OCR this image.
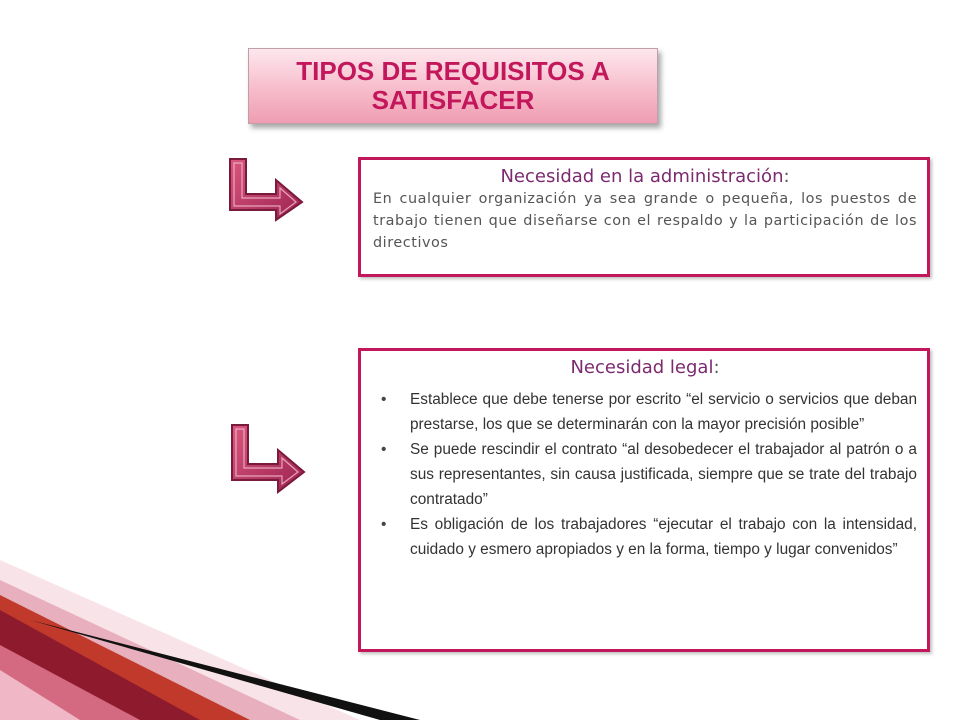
TIPOS DE REQUISITOS A SATISFACER
Necesidad en la administración:
En cualquier organización ya sea grande o pequeña, los puestos de trabajo tienen que diseñarse con el respaldo y la participación de los directivos
Necesidad legal:
• Establece que debe tenerse por escrito “el servicio o servicios que deban prestarse, los que se determinarán con la mayor precisión posible”
• Se puede rescindir el contrato “al desobedecer el trabajador al patrón o a sus representantes, sin causa justificada, siempre que se trate del trabajo contratado”
• Es obligación de los trabajadores “ejecutar el trabajo con la intensidad, cuidado y esmero apropiados y en la forma, tiempo y lugar convenidos”
